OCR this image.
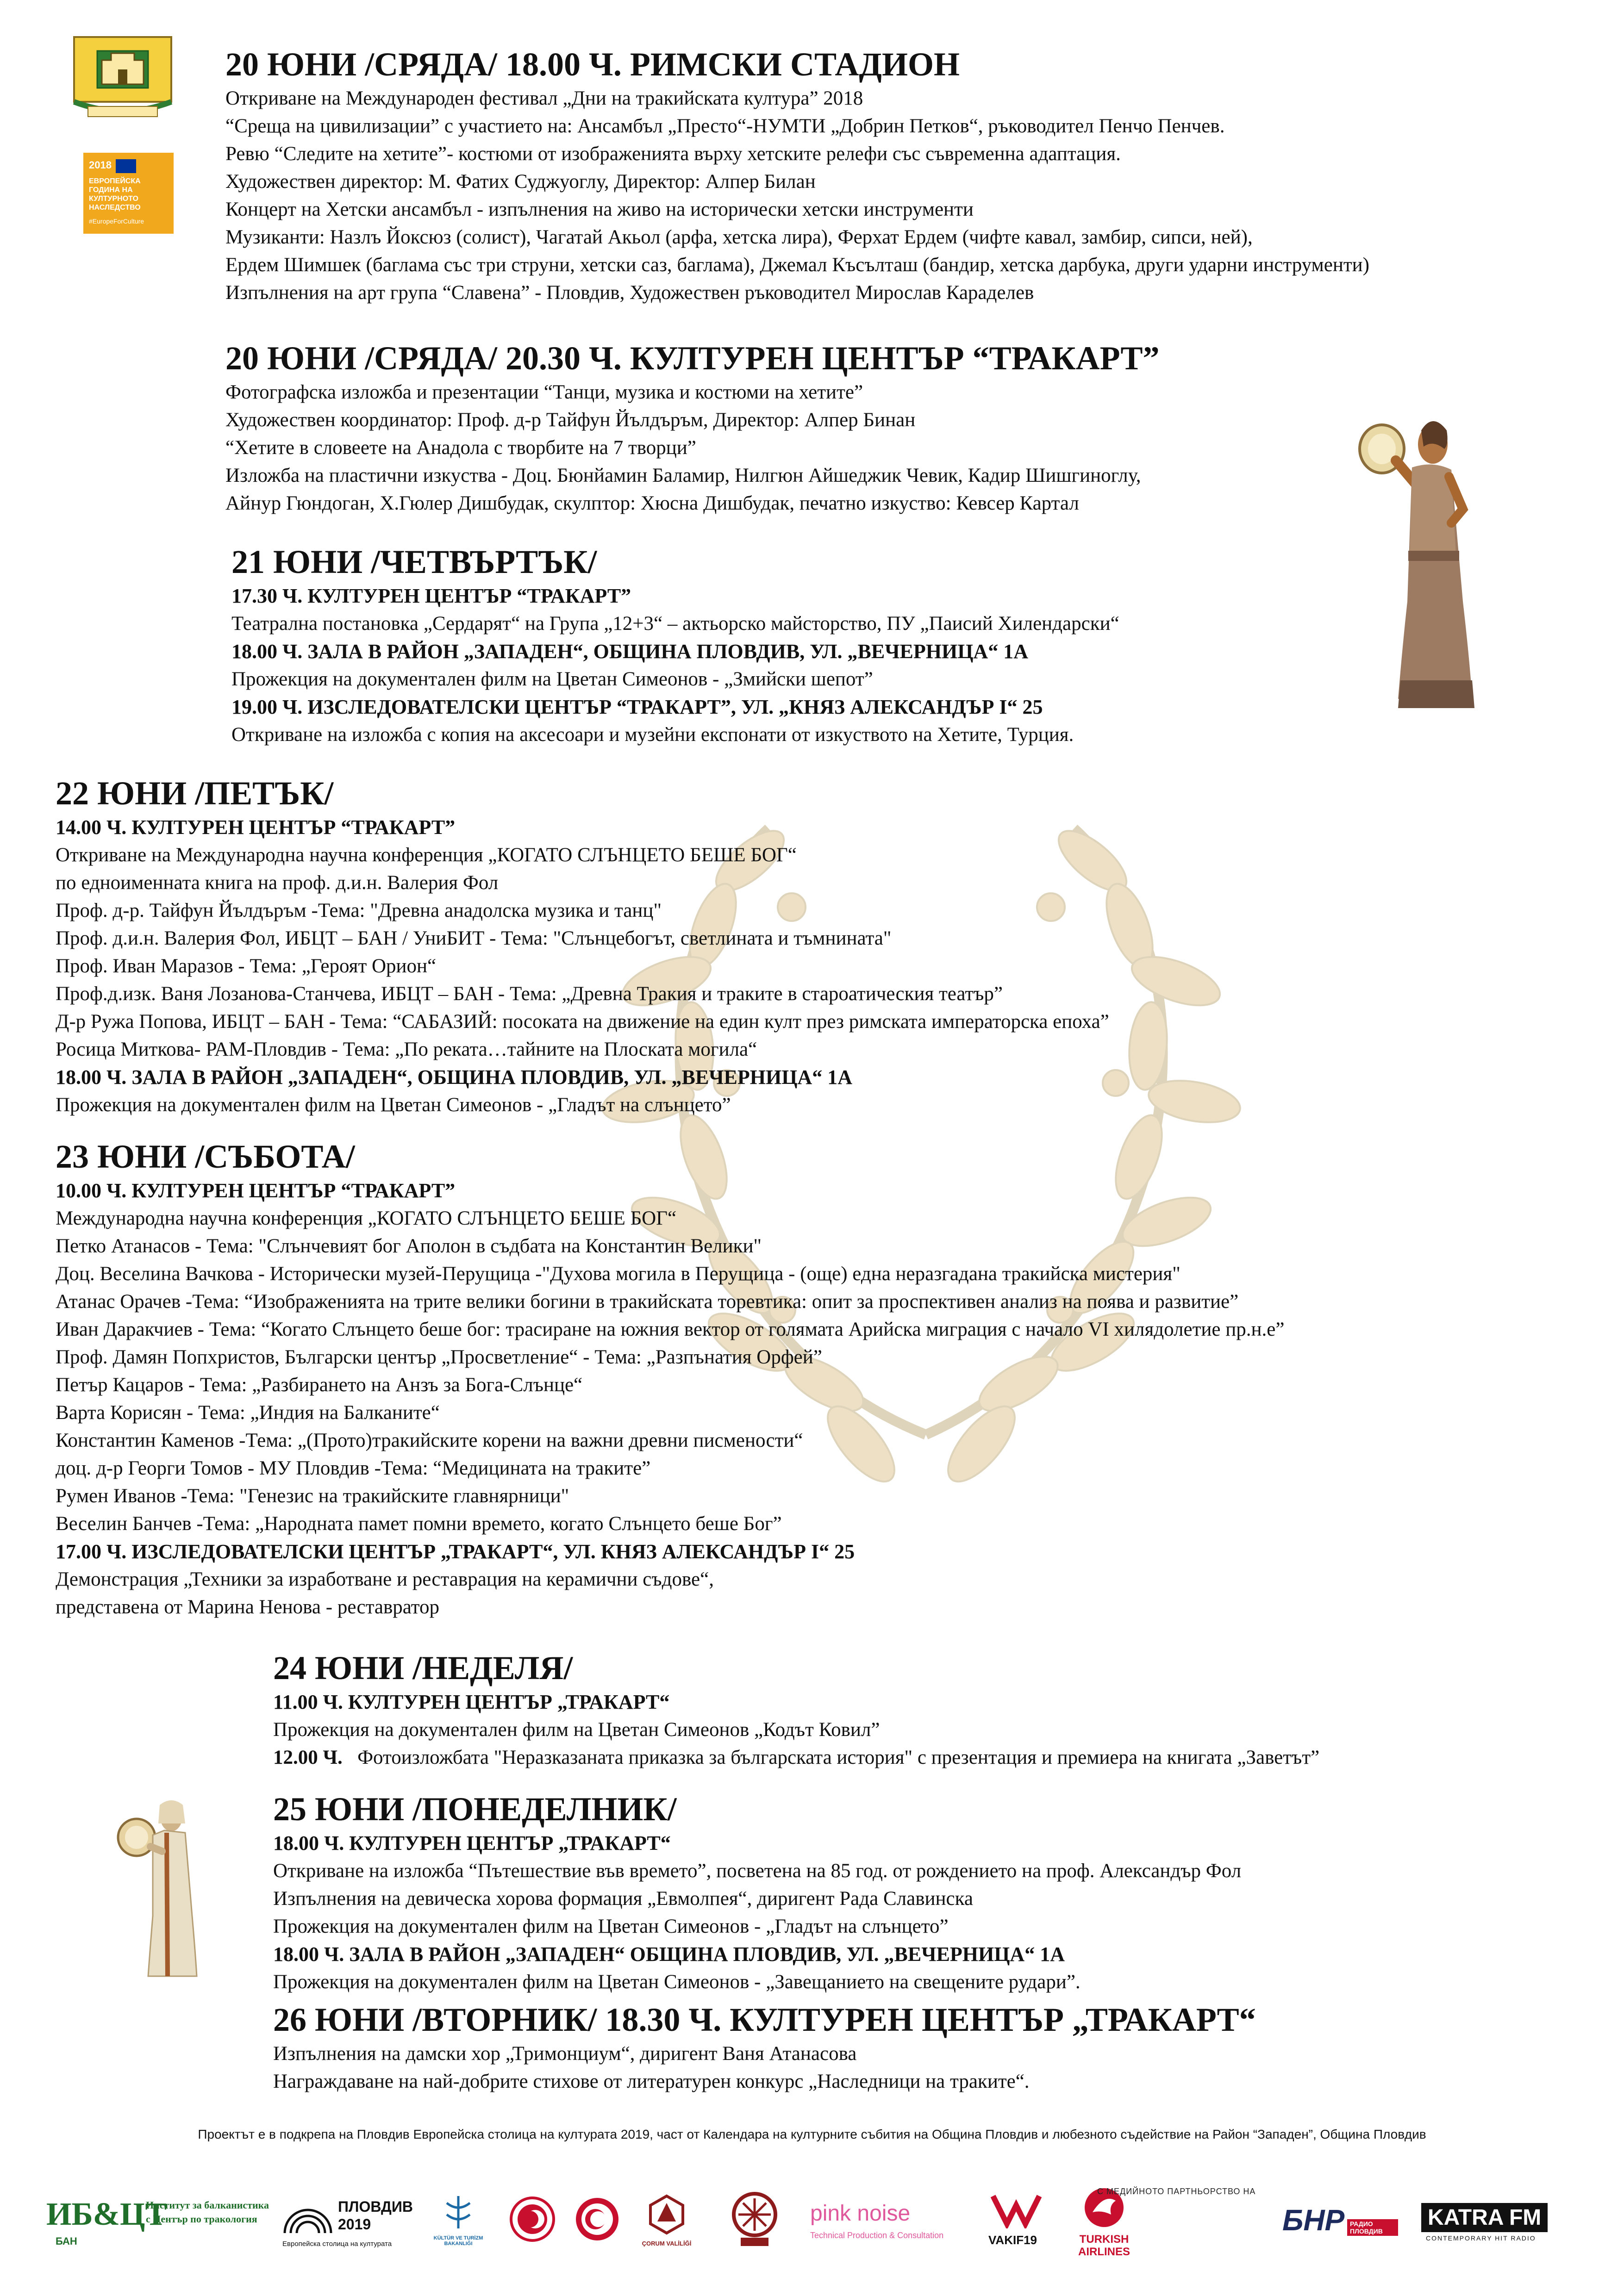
2018
ЕВРОПЕЙСКА ГОДИНА НА КУЛТУРНОТО НАСЛЕДСТВО
#EuropeForCulture
20 ЮНИ /СРЯДА/ 18.00 Ч. РИМСКИ СТАДИОН
Откриване на Международен фестивал „Дни на тракийската култура” 2018
“Среща на цивилизации” с участието на: Ансамбъл „Престо“-НУМТИ „Добрин Петков“, ръководител Пенчо Пенчев.
Ревю “Следите на хетите”- костюми от изображенията върху хетските релефи със съвременна адаптация.
Художествен директор: М. Фатих Суджуоглу, Директор: Алпер Билан
Концерт на Хетски ансамбъл - изпълнения на живо на исторически хетски инструменти
Музиканти: Назлъ Йоксюз (солист), Чагатай Акьол (арфа, хетска лира), Ферхат Ердем (чифте кавал, замбир, сипси, ней),
Ердем Шимшек (баглама със три струни, хетски саз, баглама), Джемал Късълташ (бандир, хетска дарбука, други ударни инструменти)
Изпълнения на арт група “Славена” - Пловдив, Художествен ръководител Мирослав Караделев
20 ЮНИ /СРЯДА/ 20.30 Ч. КУЛТУРЕН ЦЕНТЪР “ТРАКАРТ”
Фотографска изложба и презентации “Танци, музика и костюми на хетите”
Художествен координатор: Проф. д-р Тайфун Йълдъръм, Директор: Алпер Бинан
“Хетите в словеете на Анадола с творбите на 7 творци”
Изложба на пластични изкуства - Доц. Бюнйамин Баламир, Нилгюн Айшеджик Чевик, Кадир Шишгиноглу,
Айнур Гюндоган, Х.Гюлер Дишбудак, скулптор: Хюсна Дишбудак, печатно изкуство: Кевсер Картал
21 ЮНИ /ЧЕТВЪРТЪК/
17.30 Ч. КУЛТУРЕН ЦЕНТЪР “ТРАКАРТ”
Театрална постановка „Сердарят“ на Група „12+3“ – актьорско майсторство, ПУ „Паисий Хилендарски“
18.00 Ч. ЗАЛА В РАЙОН „ЗАПАДЕН“, ОБЩИНА ПЛОВДИВ, УЛ. „ВЕЧЕРНИЦА“ 1А
Прожекция на документален филм на Цветан Симеонов - „Змийски шепот”
19.00 Ч. ИЗСЛЕДОВАТЕЛСКИ ЦЕНТЪР “ТРАКАРТ”, УЛ. „КНЯЗ АЛЕКСАНДЪР I“ 25
Откриване на изложба с копия на аксесоари и музейни експонати от изкуството на Хетите, Турция.
22 ЮНИ /ПЕТЪК/
14.00 Ч. КУЛТУРЕН ЦЕНТЪР “ТРАКАРТ”
Откриване на Международна научна конференция „КОГАТО СЛЪНЦЕТО БЕШЕ БОГ“
по едноименната книга на проф. д.и.н. Валерия Фол
Проф. д-р. Тайфун Йълдъръм -Тема: "Древна анадолска музика и танц"
Проф. д.и.н. Валерия Фол, ИБЦТ – БАН / УниБИТ - Тема: "Слънцебогът, светлината и тъмнината"
Проф. Иван Маразов - Тема: „Героят Орион“
Проф.д.изк. Ваня Лозанова-Станчева, ИБЦТ – БАН - Тема: „Древна Тракия и траките в староатическия театър”
Д-р Ружа Попова, ИБЦТ – БАН - Тема: “САБАЗИЙ: посоката на движение на един култ през римската императорска епоха”
Росица Миткова- РАМ-Пловдив - Тема: „По реката…тайните на Плоската могила“
18.00 Ч. ЗАЛА В РАЙОН „ЗАПАДЕН“, ОБЩИНА ПЛОВДИВ, УЛ. „ВЕЧЕРНИЦА“ 1А
Прожекция на документален филм на Цветан Симеонов - „Гладът на слънцето”
23 ЮНИ /СЪБОТА/
10.00 Ч. КУЛТУРЕН ЦЕНТЪР “ТРАКАРТ”
Международна научна конференция „КОГАТО СЛЪНЦЕТО БЕШЕ БОГ“
Петко Атанасов - Тема: "Слънчевият бог Аполон в съдбата на Константин Велики"
Доц. Веселина Вачкова - Исторически музей-Перущица -"Духова могила в Перущица - (още) една неразгадана тракийска мистерия"
Атанас Орачев -Тема: “Изображенията на трите велики богини в тракийската торевтика: опит за проспективен анализ на поява и развитие”
Иван Даракчиев - Тема: “Когато Слънцето беше бог: трасиране на южния вектор от голямата Арийска миграция с начало VI хилядолетие пр.н.е”
Проф. Дамян Попхристов, Български център „Просветление“ - Тема: „Разпънатия Орфей”
Петър Кацаров - Тема: „Разбирането на Анзъ за Бога-Слънце“
Варта Корисян - Тема: „Индия на Балканите“
Константин Каменов -Тема: „(Прото)тракийските корени на важни древни писмености“
доц. д-р Георги Томов - МУ Пловдив -Тема: “Медицината на траките”
Румен Иванов -Тема: "Генезис на тракийските главнярници"
Веселин Банчев -Тема: „Народната памет помни времето, когато Слънцето беше Бог”
17.00 Ч. ИЗСЛЕДОВАТЕЛСКИ ЦЕНТЪР „ТРАКАРТ“, УЛ. КНЯЗ АЛЕКСАНДЪР I“ 25
Демонстрация „Техники за изработване и реставрация на керамични съдове“,
представена от Марина Ненова - реставратор
24 ЮНИ /НЕДЕЛЯ/
11.00 Ч. КУЛТУРЕН ЦЕНТЪР „ТРАКАРТ“
Прожекция на документален филм на Цветан Симеонов „Кодът Ковил”
12.00 Ч.   Фотоизложбата "Неразказаната приказка за българската история" с презентация и премиера на книгата „Заветът”
25 ЮНИ /ПОНЕДЕЛНИК/
18.00 Ч. КУЛТУРЕН ЦЕНТЪР „ТРАКАРТ“
Откриване на изложба “Пътешествие във времето”, посветена на 85 год. от рождението на проф. Александър Фол
Изпълнения на девическа хорова формация „Евмолпея“, диригент Рада Славинска
Прожекция на документален филм на Цветан Симеонов - „Гладът на слънцето”
18.00 Ч. ЗАЛА В РАЙОН „ЗАПАДЕН“ ОБЩИНА ПЛОВДИВ, УЛ. „ВЕЧЕРНИЦА“ 1А
Прожекция на документален филм на Цветан Симеонов - „Завещанието на свещените рудари”.
26 ЮНИ /ВТОРНИК/ 18.30 Ч. КУЛТУРЕН ЦЕНТЪР „ТРАКАРТ“
Изпълнения на дамски хор „Тримонциум“, диригент Ваня Атанасова
Награждаване на най-добрите стихове от литературен конкурс „Наследници на траките“.
Проектът е в подкрепа на Пловдив Европейска столица на културата 2019, част от Календара на културните събития на Община Пловдив и любезното съдействие на Район “Западен”, Община Пловдив
ИБ&ЦТ
БАН
Институт за балканистика с Център по тракология
ПЛОВДИВ
2019
Европейска столица на културата
KÜLTÜR VE TURİZM BAKANLIĞI	ÇORUM VALİLİĞİ
pink noise
Technical Production & Consultation	VAKIF19	TURKISH
AIRLINES
БНР РАДИО ПЛОВДИВ
KATRA FM
CONTEMPORARY HIT RADIO
С МЕДИЙНОТО ПАРТНЬОРСТВО НА
